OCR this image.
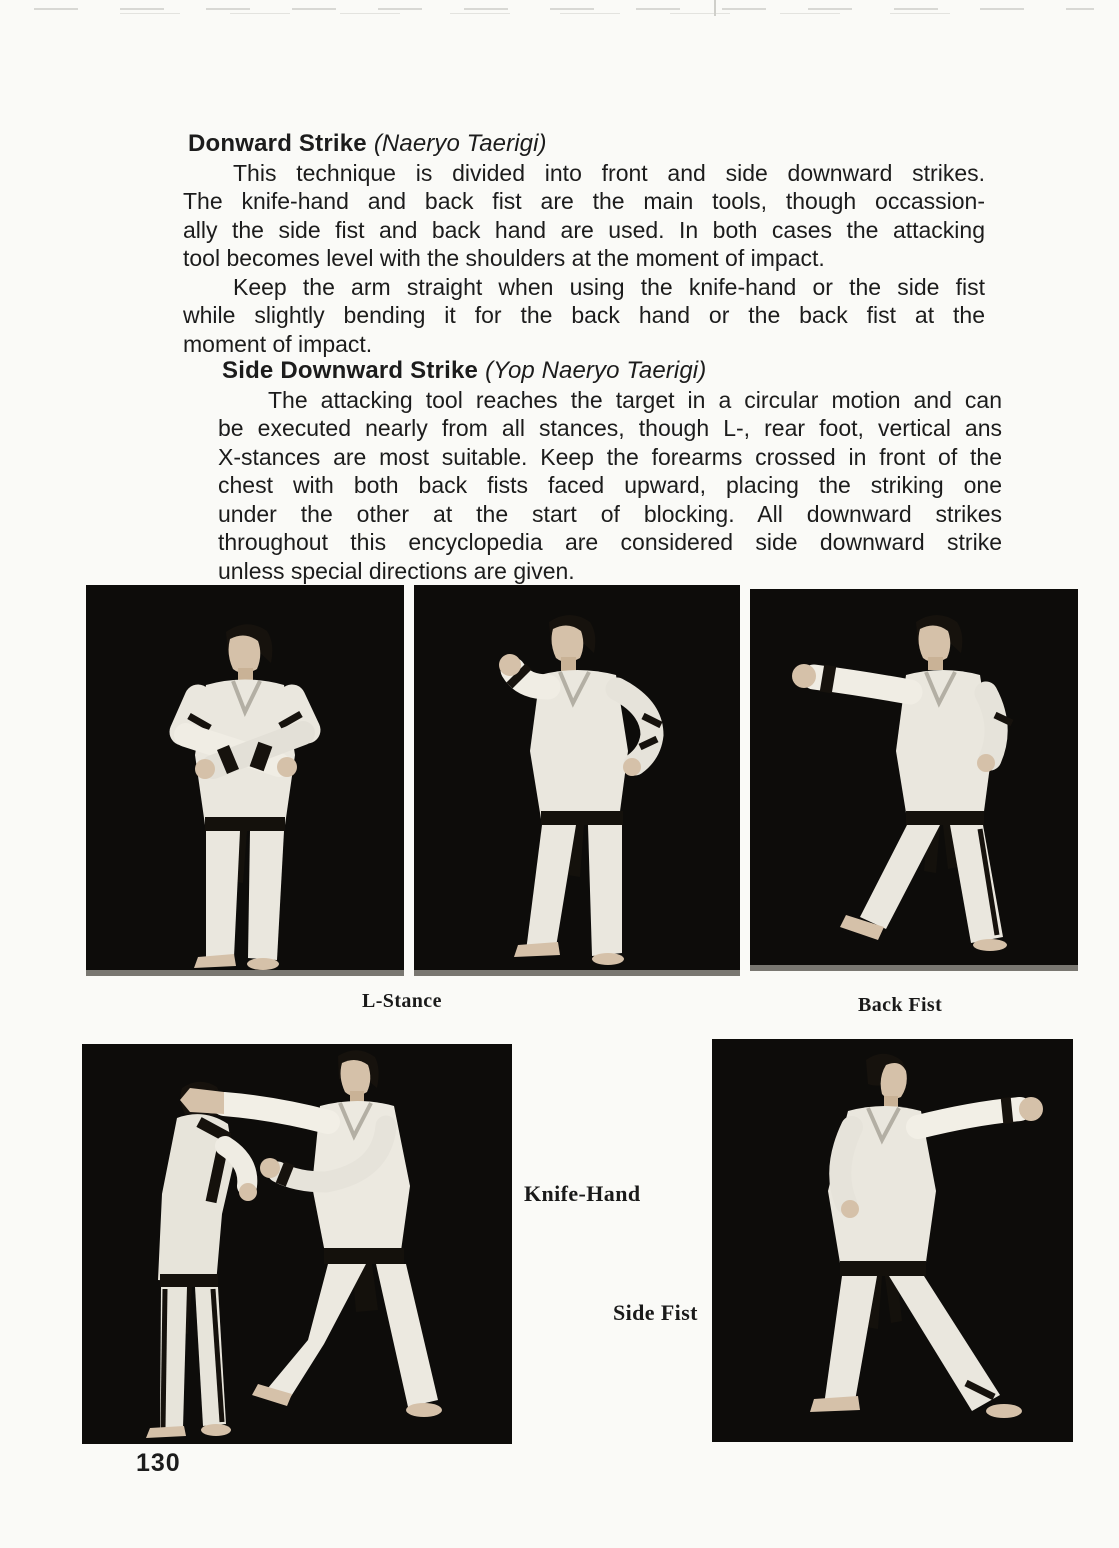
Donward Strike (Naeryo Taerigi)
This technique is divided into front and side downward strikes.
The knife-hand and back fist are the main tools, though occassion-
ally the side fist and back hand are used. In both cases the attacking
tool becomes level with the shoulders at the moment of impact.
Keep the arm straight when using the knife-hand or the side fist
while slightly bending it for the back hand or the back fist at the
moment of impact.
Side Downward Strike (Yop Naeryo Taerigi)
The attacking tool reaches the target in a circular motion and can
be executed nearly from all stances, though L-, rear foot, vertical ans
X-stances are most suitable. Keep the forearms crossed in front of the
chest with both back fists faced upward, placing the striking one
under the other at the start of blocking. All downward strikes
throughout this encyclopedia are considered side downward strike
unless special directions are given.
L-Stance	Back Fist
Knife-Hand
Side Fist
130
